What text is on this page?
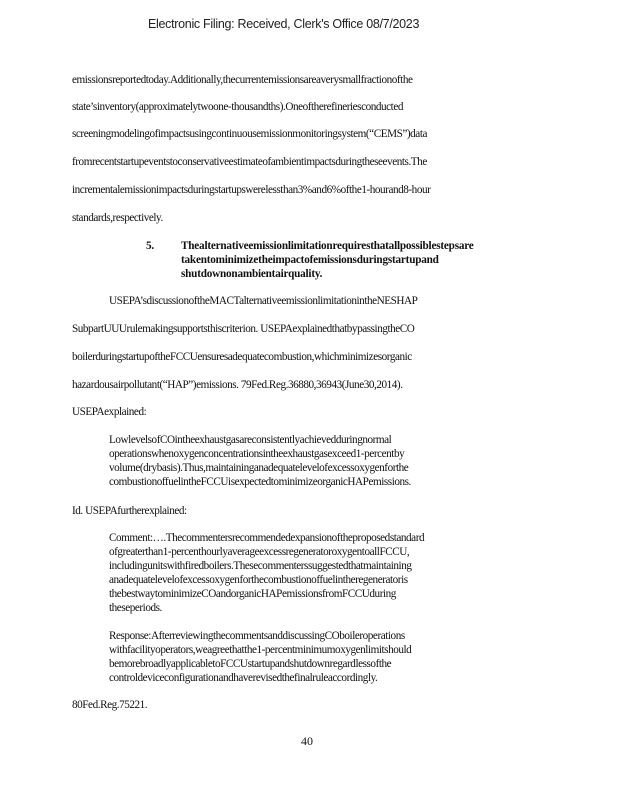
Electronic Filing: Received, Clerk's Office 08/7/2023
emissionsreportedtoday.Additionally,thecurrentemissionsareaverysmallfractionofthe
state’sinventory(approximatelytwoone-thousandths).Oneoftherefineriesconducted
screeningmodelingofimpactsusingcontinuousemissionmonitoringsystem(“CEMS”)data
fromrecentstartupeventstoconservativeestimateofambientimpactsduringtheseevents.The
incrementalemissionimpactsduringstartupswerelessthan3%and6%ofthe1-hourand8-hour
standards,respectively.
5. Thealternativeemissionlimitationrequiresthatallpossiblestepsare
takentominimizetheimpactofemissionsduringstartupand
shutdownonambientairquality.
USEPA’sdiscussionoftheMACTalternativeemissionlimitationintheNESHAP
SubpartUUUrulemakingsupportsthiscriterion. USEPAexplainedthatbypassingtheCO
boilerduringstartupoftheFCCUensuresadequatecombustion,whichminimizesorganic
hazardousairpollutant(“HAP”)emissions. 79Fed.Reg.36880,36943(June30,2014).
USEPAexplained:
LowlevelsofCOintheexhaustgasareconsistentlyachievedduringnormal
operationswhenoxygenconcentrationsintheexhaustgasexceed1-percentby
volume(drybasis).Thus,maintaininganadequatelevelofexcessoxygenforthe
combustionoffuelintheFCCUisexpectedtominimizeorganicHAPemissions.
Id. USEPAfurtherexplained:
Comment:….Thecommentersrecommendedexpansionoftheproposedstandard
ofgreaterthan1-percenthourlyaverageexcessregeneratoroxygentoallFCCU,
includingunitswithfiredboilers.Thesecommenterssuggestedthatmaintaining
anadequatelevelofexcessoxygenforthecombustionoffuelintheregeneratoris
thebestwaytominimizeCOandorganicHAPemissionsfromFCCUduring
theseperiods.
Response:AfterreviewingthecommentsanddiscussingCOboileroperations
withfacilityoperators,weagreethatthe1-percentminimumoxygenlimitshould
bemorebroadlyapplicabletoFCCUstartupandshutdownregardlessofthe
controldeviceconfigurationandhaverevisedthefinalruleaccordingly.
80Fed.Reg.75221.
40
